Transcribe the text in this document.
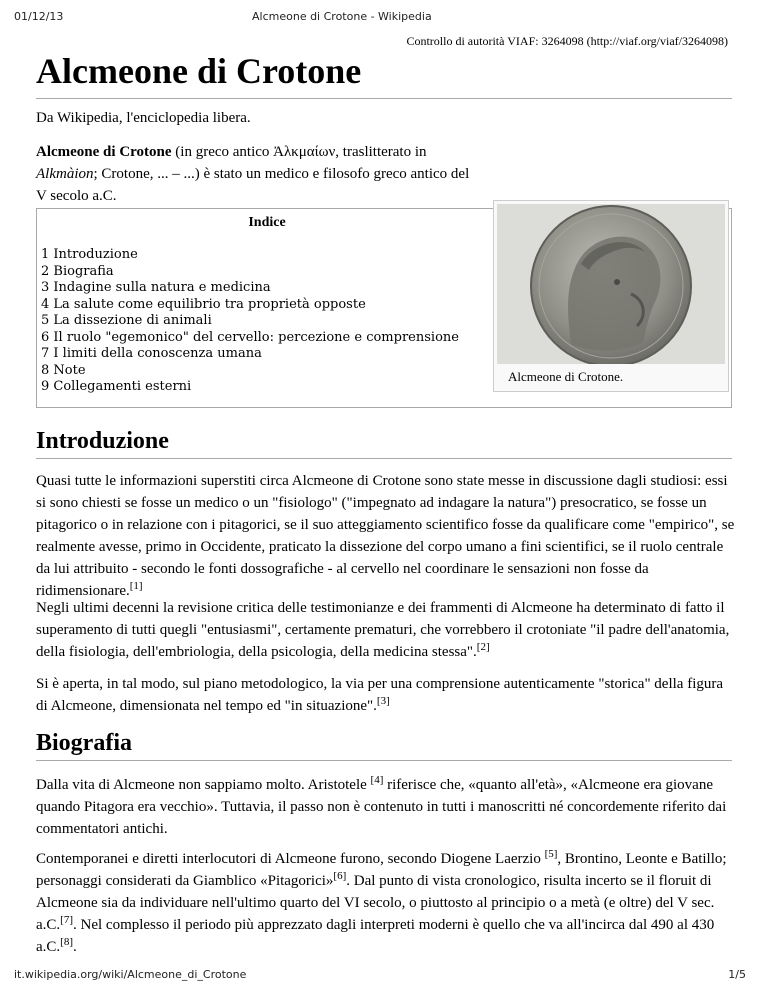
01/12/13	Alcmeone di Crotone - Wikipedia
Controllo di autorità VIAF: 3264098 (http://viaf.org/viaf/3264098)
Alcmeone di Crotone

Da Wikipedia, l'enciclopedia libera.

Alcmeone di Crotone (in greco antico Ἀλκμαίων, traslitterato in Alkmàion; Crotone, ... – ...) è stato un medico e filosofo greco antico del V secolo a.C.

Indice
1 Introduzione
2 Biografia
3 Indagine sulla natura e medicina
4 La salute come equilibrio tra proprietà opposte
5 La dissezione di animali
6 Il ruolo "egemonico" del cervello: percezione e comprensione
7 I limiti della conoscenza umana
8 Note
9 Collegamenti esterni
Alcmeone di Crotone.
Introduzione

Quasi tutte le informazioni superstiti circa Alcmeone di Crotone sono state messe in discussione dagli studiosi: essi si sono chiesti se fosse un medico o un "fisiologo" ("impegnato ad indagare la natura") presocratico, se fosse un pitagorico o in relazione con i pitagorici, se il suo atteggiamento scientifico fosse da qualificare come "empirico", se realmente avesse, primo in Occidente, praticato la dissezione del corpo umano a fini scientifici, se il ruolo centrale da lui attribuito - secondo le fonti dossografiche - al cervello nel coordinare le sensazioni non fosse da ridimensionare.[1]

Negli ultimi decenni la revisione critica delle testimonianze e dei frammenti di Alcmeone ha determinato di fatto il superamento di tutti quegli "entusiasmi", certamente prematuri, che vorrebbero il crotoniate "il padre dell'anatomia, della fisiologia, dell'embriologia, della psicologia, della medicina stessa".[2]

Si è aperta, in tal modo, sul piano metodologico, la via per una comprensione autenticamente "storica" della figura di Alcmeone, dimensionata nel tempo ed "in situazione".[3]

Biografia

Dalla vita di Alcmeone non sappiamo molto. Aristotele [4] riferisce che, «quanto all'età», «Alcmeone era giovane quando Pitagora era vecchio». Tuttavia, il passo non è contenuto in tutti i manoscritti né concordemente riferito dai commentatori antichi.

Contemporanei e diretti interlocutori di Alcmeone furono, secondo Diogene Laerzio [5], Brontino, Leonte e Batillo; personaggi considerati da Giamblico «Pitagorici»[6]. Dal punto di vista cronologico, risulta incerto se il floruit di Alcmeone sia da individuare nell'ultimo quarto del VI secolo, o piuttosto al principio o a metà (e oltre) del V sec. a.C.[7]. Nel complesso il periodo più apprezzato dagli interpreti moderni è quello che va all'incirca dal 490 al 430 a.C.[8].

it.wikipedia.org/wiki/Alcmeone_di_Crotone	1/5
